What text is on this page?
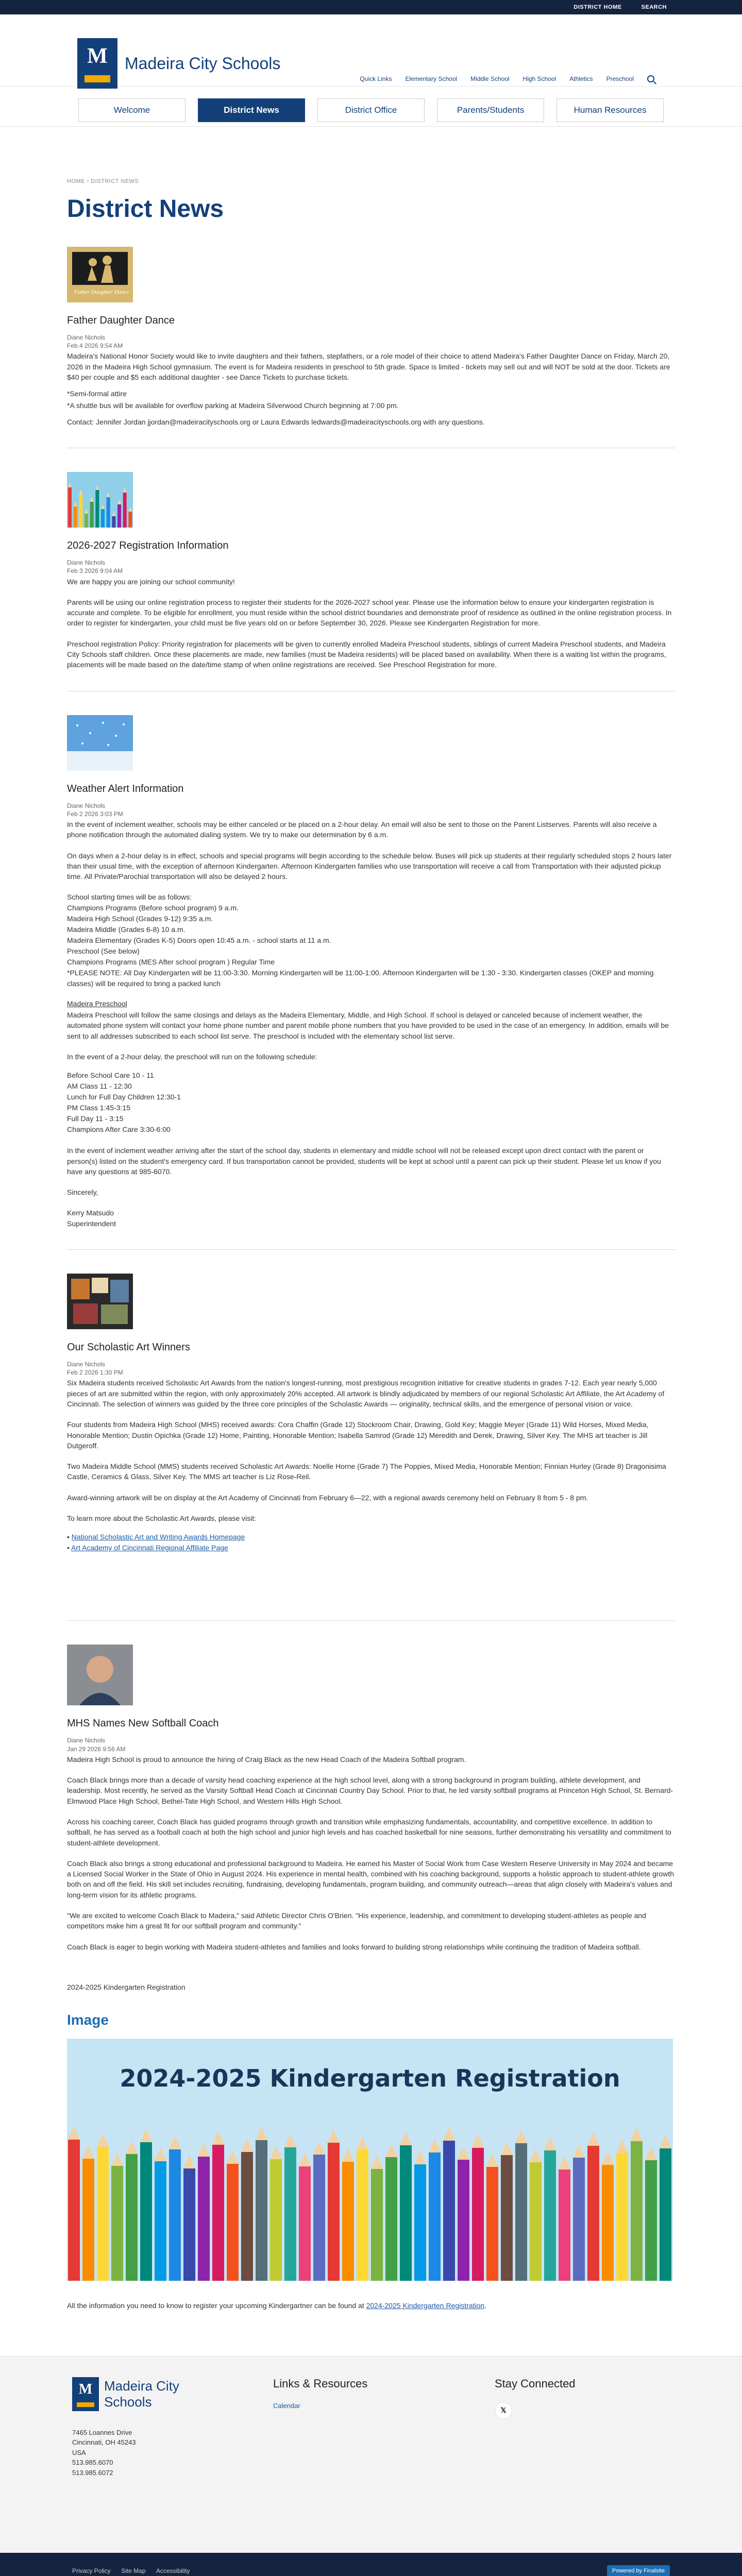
DISTRICT HOME	SEARCH
M Madeira City Schools
Quick Links Elementary School Middle School High School Athletics Preschool
Welcome	District News	District Office	Parents/Students	Human Resources
HOME › DISTRICT NEWS
District News
Father Daughter Dance
Father Daughter Dance
Diane Nichols
Feb 4 2026 9:54 AM

Madeira's National Honor Society would like to invite daughters and their fathers, stepfathers, or a role model of their choice to attend Madeira's Father Daughter Dance on Friday, March 20, 2026 in the Madeira High School gymnasium. The event is for Madeira residents in preschool to 5th grade. Space is limited - tickets may sell out and will NOT be sold at the door. Tickets are $40 per couple and $5 each additional daughter - see Dance Tickets to purchase tickets.

*Semi-formal attire

*A shuttle bus will be available for overflow parking at Madeira Silverwood Church beginning at 7:00 pm.

Contact: Jennifer Jordan jjordan@madeiracityschools.org or Laura Edwards ledwards@madeiracityschools.org with any questions.

2026-2027 Registration Information
Diane Nichols
Feb 3 2026 9:04 AM

We are happy you are joining our school community!

Parents will be using our online registration process to register their students for the 2026-2027 school year. Please use the information below to ensure your kindergarten registration is accurate and complete. To be eligible for enrollment, you must reside within the school district boundaries and demonstrate proof of residence as outlined in the online registration process. In order to register for kindergarten, your child must be five years old on or before September 30, 2026. Please see Kindergarten Registration for more.

Preschool registration Policy: Priority registration for placements will be given to currently enrolled Madeira Preschool students, siblings of current Madeira Preschool students, and Madeira City Schools staff children. Once these placements are made, new families (must be Madeira residents) will be placed based on availability. When there is a waiting list within the programs, placements will be made based on the date/time stamp of when online registrations are received. See Preschool Registration for more.

Weather Alert Information
Diane Nichols
Feb 2 2026 3:03 PM

In the event of inclement weather, schools may be either canceled or be placed on a 2-hour delay. An email will also be sent to those on the Parent Listserves. Parents will also receive a phone notification through the automated dialing system. We try to make our determination by 6 a.m.

On days when a 2-hour delay is in effect, schools and special programs will begin according to the schedule below. Buses will pick up students at their regularly scheduled stops 2 hours later than their usual time, with the exception of afternoon Kindergarten. Afternoon Kindergarten families who use transportation will receive a call from Transportation with their adjusted pickup time. All Private/Parochial transportation will also be delayed 2 hours.

School starting times will be as follows:

Champions Programs (Before school program) 9 a.m.
Madeira High School (Grades 9-12) 9:35 a.m.
Madeira Middle (Grades 6-8) 10 a.m.
Madeira Elementary (Grades K-5) Doors open 10:45 a.m. - school starts at 11 a.m.
Preschool (See below)
Champions Programs (MES After school program ) Regular Time
*PLEASE NOTE: All Day Kindergarten will be 11:00-3:30. Morning Kindergarten will be 11:00-1:00. Afternoon Kindergarten will be 1:30 - 3:30. Kindergarten classes (OKEP and morning classes) will be required to bring a packed lunch

Madeira Preschool

Madeira Preschool will follow the same closings and delays as the Madeira Elementary, Middle, and High School. If school is delayed or canceled because of inclement weather, the automated phone system will contact your home phone number and parent mobile phone numbers that you have provided to be used in the case of an emergency. In addition, emails will be sent to all addresses subscribed to each school list serve. The preschool is included with the elementary school list serve.

In the event of a 2-hour delay, the preschool will run on the following schedule:

Before School Care 10 - 11
AM Class 11 - 12:30
Lunch for Full Day Children 12:30-1
PM Class 1:45-3:15
Full Day 11 - 3:15
Champions After Care 3:30-6:00

In the event of inclement weather arriving after the start of the school day, students in elementary and middle school will not be released except upon direct contact with the parent or person(s) listed on the student's emergency card. If bus transportation cannot be provided, students will be kept at school until a parent can pick up their student. Please let us know if you have any questions at 985-6070.

Sincerely,

Kerry Matsudo

Superintendent

Our Scholastic Art Winners
Diane Nichols
Feb 2 2026 1:30 PM

Six Madeira students received Scholastic Art Awards from the nation's longest-running, most prestigious recognition initiative for creative students in grades 7-12. Each year nearly 5,000 pieces of art are submitted within the region, with only approximately 20% accepted. All artwork is blindly adjudicated by members of our regional Scholastic Art Affiliate, the Art Academy of Cincinnati. The selection of winners was guided by the three core principles of the Scholastic Awards — originality, technical skills, and the emergence of personal vision or voice.

Four students from Madeira High School (MHS) received awards: Cora Chaffin (Grade 12) Stockroom Chair, Drawing, Gold Key; Maggie Meyer (Grade 11) Wild Horses, Mixed Media, Honorable Mention; Dustin Opichka (Grade 12) Home, Painting, Honorable Mention; Isabella Samrod (Grade 12) Meredith and Derek, Drawing, Silver Key. The MHS art teacher is Jill Dutgeroff.

Two Madeira Middle School (MMS) students received Scholastic Art Awards: Noelle Horne (Grade 7) The Poppies, Mixed Media, Honorable Mention; Finnian Hurley (Grade 8) Dragonisima Castle, Ceramics & Glass, Silver Key. The MMS art teacher is Liz Rose-Reil.

Award-winning artwork will be on display at the Art Academy of Cincinnati from February 6—22, with a regional awards ceremony held on February 8 from 5 - 8 pm.

To learn more about the Scholastic Art Awards, please visit:

• National Scholastic Art and Writing Awards Homepage
• Art Academy of Cincinnati Regional Affiliate Page
MHS Names New Softball Coach
Diane Nichols
Jan 29 2026 9:56 AM

Madeira High School is proud to announce the hiring of Craig Black as the new Head Coach of the Madeira Softball program.

Coach Black brings more than a decade of varsity head coaching experience at the high school level, along with a strong background in program building, athlete development, and leadership. Most recently, he served as the Varsity Softball Head Coach at Cincinnati Country Day School. Prior to that, he led varsity softball programs at Princeton High School, St. Bernard-Elmwood Place High School, Bethel-Tate High School, and Western Hills High School.

Across his coaching career, Coach Black has guided programs through growth and transition while emphasizing fundamentals, accountability, and competitive excellence. In addition to softball, he has served as a football coach at both the high school and junior high levels and has coached basketball for nine seasons, further demonstrating his versatility and commitment to student-athlete development.

Coach Black also brings a strong educational and professional background to Madeira. He earned his Master of Social Work from Case Western Reserve University in May 2024 and became a Licensed Social Worker in the State of Ohio in August 2024. His experience in mental health, combined with his coaching background, supports a holistic approach to student-athlete growth both on and off the field. His skill set includes recruiting, fundraising, developing fundamentals, program building, and community outreach—areas that align closely with Madeira's values and long-term vision for its athletic programs.

"We are excited to welcome Coach Black to Madeira," said Athletic Director Chris O'Brien. "His experience, leadership, and commitment to developing student-athletes as people and competitors make him a great fit for our softball program and community."

Coach Black is eager to begin working with Madeira student-athletes and families and looks forward to building strong relationships while continuing the tradition of Madeira softball.

2024-2025 Kindergarten Registration
Image
2024-2025 Kindergarten Registration

All the information you need to know to register your upcoming Kindergartner can be found at 2024-2025 Kindergarten Registration.

M Madeira City Schools
7465 Loannes Drive
Cincinnati, OH 45243
USA
513.985.6070
513.985.6072
Links & Resources
Calendar
Stay Connected
𝕏
Privacy Policy Site Map Accessibility	Powered by Finalsite
